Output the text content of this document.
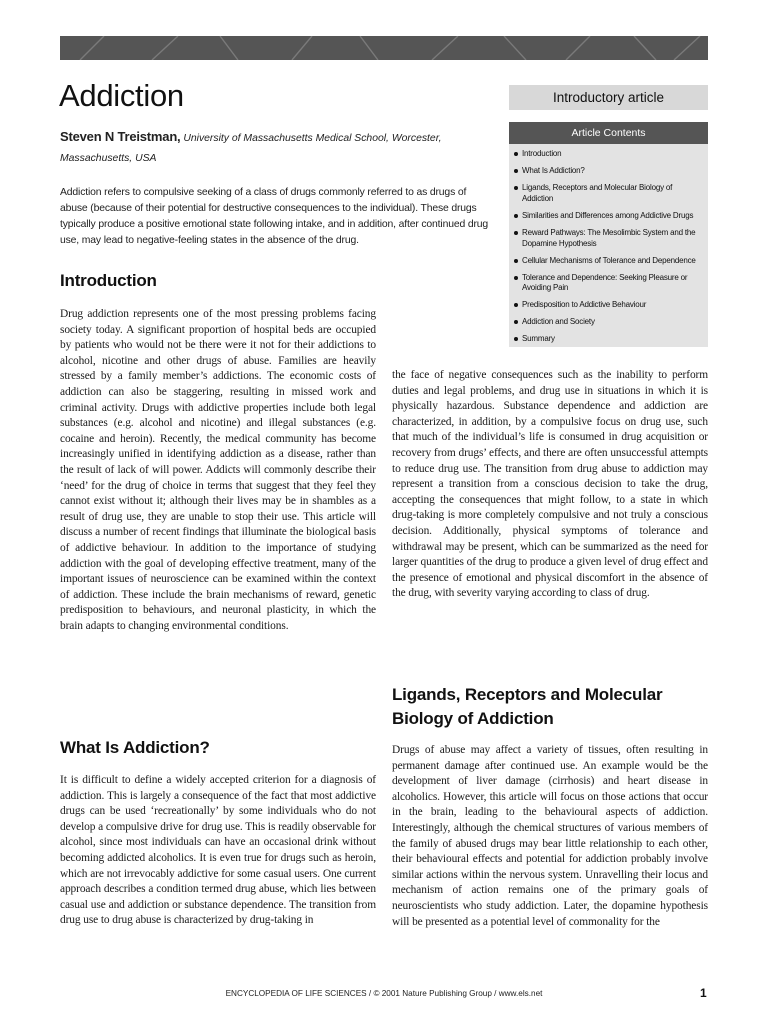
Addiction
Steven N Treistman, University of Massachusetts Medical School, Worcester, Massachusetts, USA

Addiction refers to compulsive seeking of a class of drugs commonly referred to as drugs of abuse (because of their potential for destructive consequences to the individual). These drugs typically produce a positive emotional state following intake, and in addition, after continued drug use, may lead to negative-feeling states in the absence of the drug.

Introductory article
Article Contents
Introduction
What Is Addiction?
Ligands, Receptors and Molecular Biology of Addiction
Similarities and Differences among Addictive Drugs
Reward Pathways: The Mesolimbic System and the Dopamine Hypothesis
Cellular Mechanisms of Tolerance and Dependence
Tolerance and Dependence: Seeking Pleasure or Avoiding Pain
Predisposition to Addictive Behaviour
Addiction and Society
Summary
Introduction

Drug addiction represents one of the most pressing problems facing society today. A significant proportion of hospital beds are occupied by patients who would not be there were it not for their addictions to alcohol, nicotine and other drugs of abuse. Families are heavily stressed by a family member’s addictions. The economic costs of addiction can also be staggering, resulting in missed work and criminal activity. Drugs with addictive properties include both legal substances (e.g. alcohol and nicotine) and illegal substances (e.g. cocaine and heroin). Recently, the medical community has become increasingly unified in identifying addiction as a disease, rather than the result of lack of will power. Addicts will commonly describe their ‘need’ for the drug of choice in terms that suggest that they feel they cannot exist without it; although their lives may be in shambles as a result of drug use, they are unable to stop their use. This article will discuss a number of recent findings that illuminate the biological basis of addictive behaviour. In addition to the importance of studying addiction with the goal of developing effective treatment, many of the important issues of neuroscience can be examined within the context of addiction. These include the brain mechanisms of reward, genetic predisposition to behaviours, and neuronal plasticity, in which the brain adapts to changing environmental conditions.

What Is Addiction?

It is difficult to define a widely accepted criterion for a diagnosis of addiction. This is largely a consequence of the fact that most addictive drugs can be used ‘recreationally’ by some individuals who do not develop a compulsive drive for drug use. This is readily observable for alcohol, since most individuals can have an occasional drink without becoming addicted alcoholics. It is even true for drugs such as heroin, which are not irrevocably addictive for some casual users. One current approach describes a condition termed drug abuse, which lies between casual use and addiction or substance dependence. The transition from drug use to drug abuse is characterized by drug-taking in

the face of negative consequences such as the inability to perform duties and legal problems, and drug use in situations in which it is physically hazardous. Substance dependence and addiction are characterized, in addition, by a compulsive focus on drug use, such that much of the individual’s life is consumed in drug acquisition or recovery from drugs’ effects, and there are often unsuccessful attempts to reduce drug use. The transition from drug abuse to addiction may represent a transition from a conscious decision to take the drug, accepting the consequences that might follow, to a state in which drug-taking is more completely compulsive and not truly a conscious decision. Additionally, physical symptoms of tolerance and withdrawal may be present, which can be summarized as the need for larger quantities of the drug to produce a given level of drug effect and the presence of emotional and physical discomfort in the absence of the drug, with severity varying according to class of drug.

Ligands, Receptors and Molecular Biology of Addiction

Drugs of abuse may affect a variety of tissues, often resulting in permanent damage after continued use. An example would be the development of liver damage (cirrhosis) and heart disease in alcoholics. However, this article will focus on those actions that occur in the brain, leading to the behavioural aspects of addiction. Interestingly, although the chemical structures of various members of the family of abused drugs may bear little relationship to each other, their behavioural effects and potential for addiction probably involve similar actions within the nervous system. Unravelling their locus and mechanism of action remains one of the primary goals of neuroscientists who study addiction. Later, the dopamine hypothesis will be presented as a potential level of commonality for the

ENCYCLOPEDIA OF LIFE SCIENCES / © 2001 Nature Publishing Group / www.els.net	1
